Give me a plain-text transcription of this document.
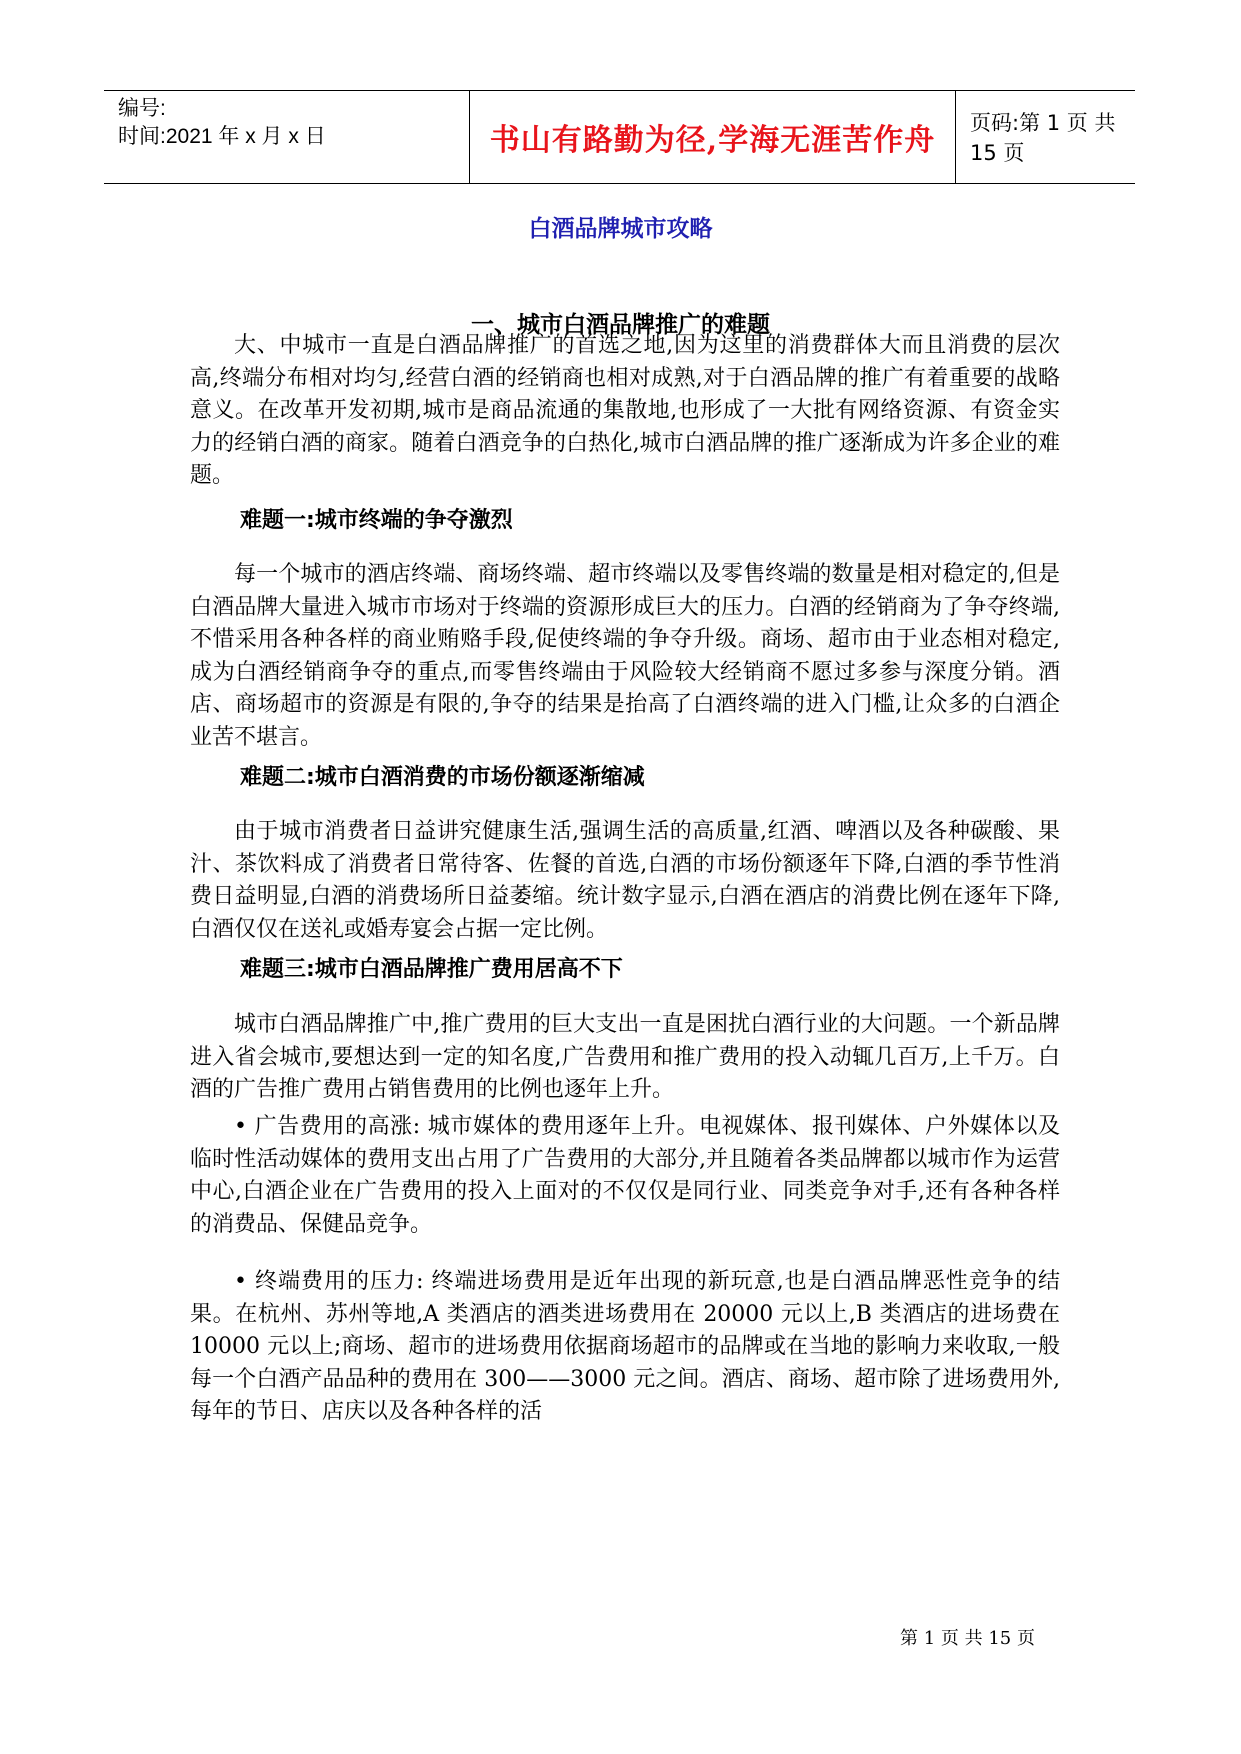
编号:
时间:2021 年 x 月 x 日	书山有路勤为径,学海无涯苦作舟	页码:第 1 页 共 15 页
白酒品牌城市攻略
一、城市白酒品牌推广的难题

大、中城市一直是白酒品牌推广的首选之地,因为这里的消费群体大而且消费的层次高,终端分布相对均匀,经营白酒的经销商也相对成熟,对于白酒品牌的推广有着重要的战略意义。在改革开发初期,城市是商品流通的集散地,也形成了一大批有网络资源、有资金实力的经销白酒的商家。随着白酒竞争的白热化,城市白酒品牌的推广逐渐成为许多企业的难题。

难题一:城市终端的争夺激烈

每一个城市的酒店终端、商场终端、超市终端以及零售终端的数量是相对稳定的,但是白酒品牌大量进入城市市场对于终端的资源形成巨大的压力。白酒的经销商为了争夺终端,不惜采用各种各样的商业贿赂手段,促使终端的争夺升级。商场、超市由于业态相对稳定,成为白酒经销商争夺的重点,而零售终端由于风险较大经销商不愿过多参与深度分销。酒店、商场超市的资源是有限的,争夺的结果是抬高了白酒终端的进入门槛,让众多的白酒企业苦不堪言。

难题二:城市白酒消费的市场份额逐渐缩减

由于城市消费者日益讲究健康生活,强调生活的高质量,红酒、啤酒以及各种碳酸、果汁、茶饮料成了消费者日常待客、佐餐的首选,白酒的市场份额逐年下降,白酒的季节性消费日益明显,白酒的消费场所日益萎缩。统计数字显示,白酒在酒店的消费比例在逐年下降,白酒仅仅在送礼或婚寿宴会占据一定比例。

难题三:城市白酒品牌推广费用居高不下

城市白酒品牌推广中,推广费用的巨大支出一直是困扰白酒行业的大问题。一个新品牌进入省会城市,要想达到一定的知名度,广告费用和推广费用的投入动辄几百万,上千万。白酒的广告推广费用占销售费用的比例也逐年上升。

• 广告费用的高涨: 城市媒体的费用逐年上升。电视媒体、报刊媒体、户外媒体以及临时性活动媒体的费用支出占用了广告费用的大部分,并且随着各类品牌都以城市作为运营中心,白酒企业在广告费用的投入上面对的不仅仅是同行业、同类竞争对手,还有各种各样的消费品、保健品竞争。

• 终端费用的压力: 终端进场费用是近年出现的新玩意,也是白酒品牌恶性竞争的结果。在杭州、苏州等地,A 类酒店的酒类进场费用在 20000 元以上,B 类酒店的进场费在 10000 元以上;商场、超市的进场费用依据商场超市的品牌或在当地的影响力来收取,一般每一个白酒产品品种的费用在 300——3000 元之间。酒店、商场、超市除了进场费用外,每年的节日、店庆以及各种各样的活

第 1 页 共 15 页
